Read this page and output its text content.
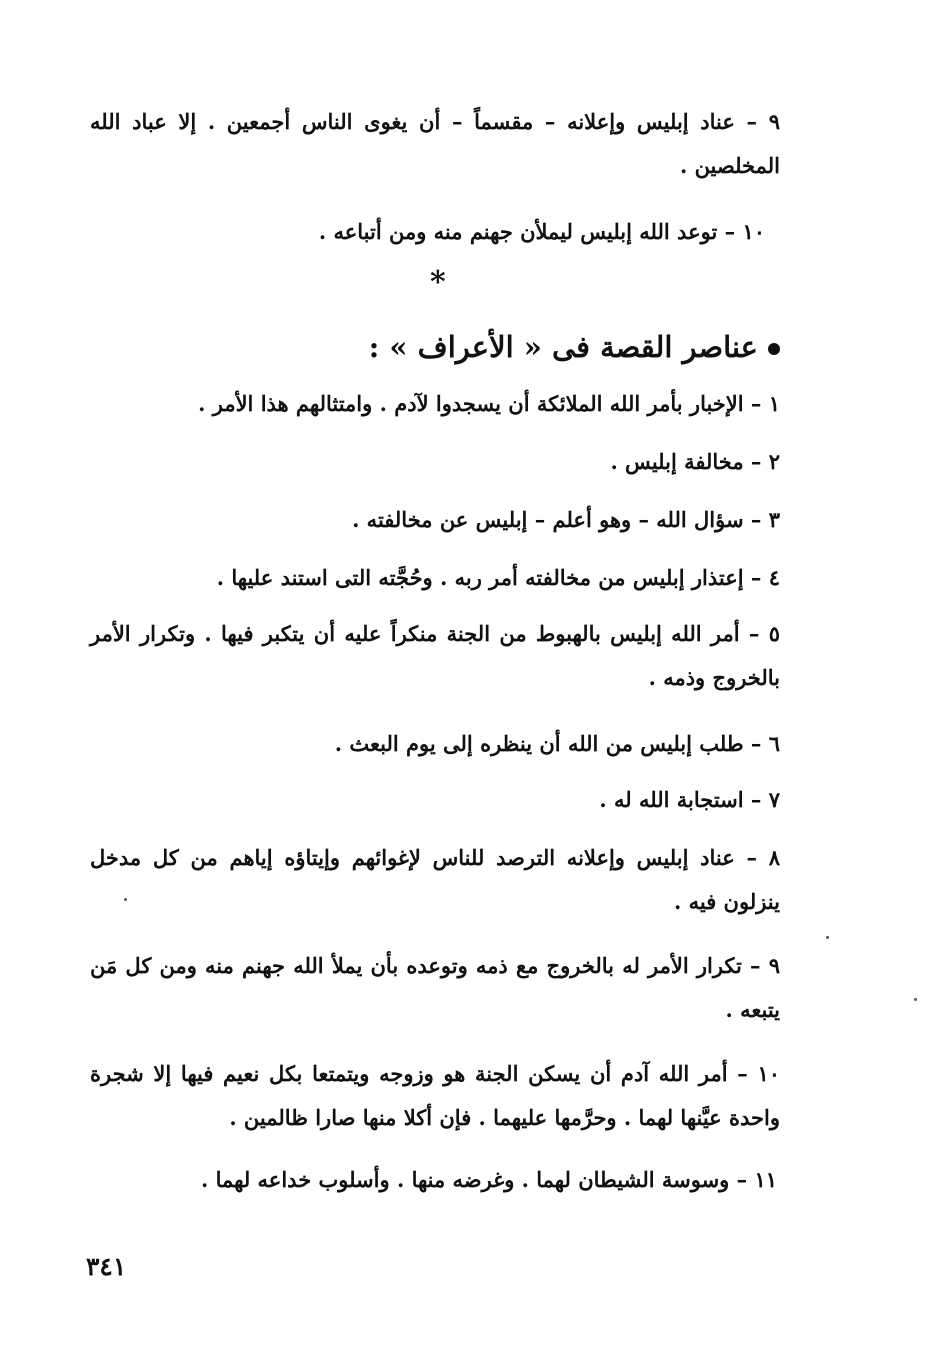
٩ – عناد إبليس وإعلانه – مقسماً – أن يغوى الناس أجمعين . إلا عباد الله المخلصين .
١٠ – توعد الله إبليس ليملأن جهنم منه ومن أتباعه .
*
عناصر القصة فى « الأعراف » :
١ – الإخبار بأمر الله الملائكة أن يسجدوا لآدم . وامتثالهم هذا الأمر .
٢ – مخالفة إبليس .
٣ – سؤال الله – وهو أعلم – إبليس عن مخالفته .
٤ – إعتذار إبليس من مخالفته أمر ربه . وحُجَّته التى استند عليها .
٥ – أمر الله إبليس بالهبوط من الجنة منكراً عليه أن يتكبر فيها . وتكرار الأمر بالخروج وذمه .
٦ – طلب إبليس من الله أن ينظره إلى يوم البعث .
٧ – استجابة الله له .
٨ – عناد إبليس وإعلانه الترصد للناس لإغوائهم وإيتاؤه إياهم من كل مدخل ينزلون فيه .
٩ – تكرار الأمر له بالخروج مع ذمه وتوعده بأن يملأ الله جهنم منه ومن كل مَن يتبعه .
١٠ – أمر الله آدم أن يسكن الجنة هو وزوجه ويتمتعا بكل نعيم فيها إلا شجرة واحدة عيَّنها لهما . وحرَّمها عليهما . فإن أكلا منها صارا ظالمين .
١١ – وسوسة الشيطان لهما . وغرضه منها . وأسلوب خداعه لهما .
٣٤١
